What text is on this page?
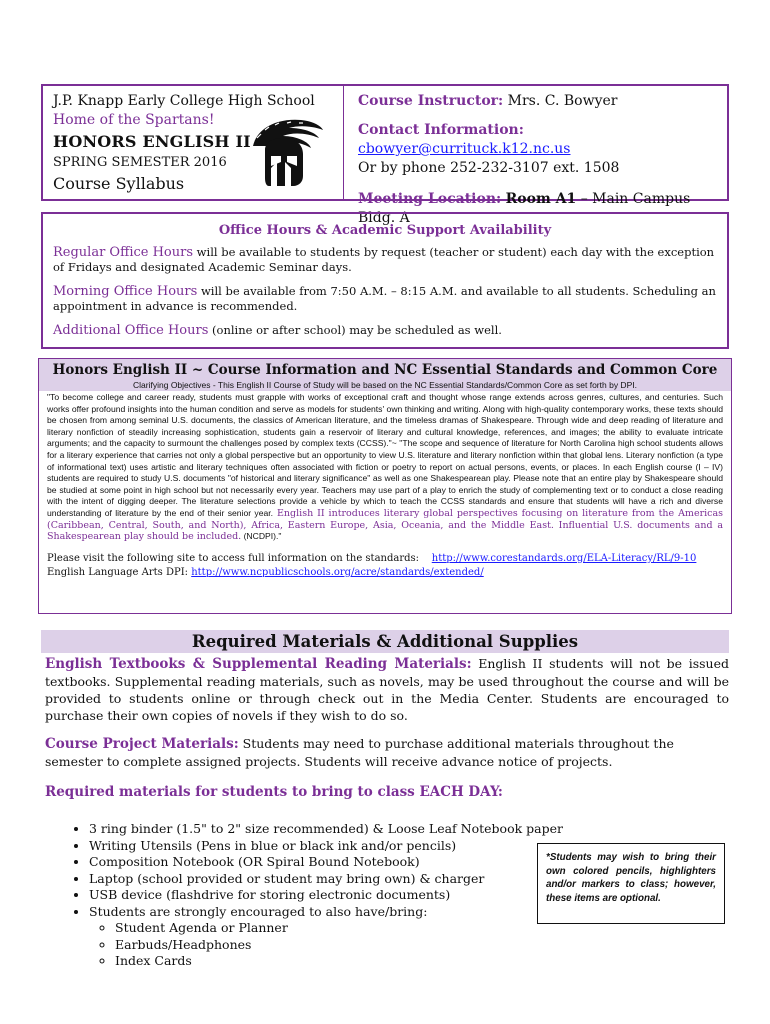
J.P. Knapp Early College High School
Home of the Spartans!
HONORS ENGLISH II
SPRING SEMESTER 2016
Course Syllabus
Course Instructor: Mrs. C. Bowyer
Contact Information: cbowyer@currituck.k12.nc.us
Or by phone 252-232-3107 ext. 1508
Meeting Location: Room A1 – Main Campus Bldg. A
Office Hours & Academic Support Availability

Regular Office Hours will be available to students by request (teacher or student) each day with the exception of Fridays and designated Academic Seminar days.

Morning Office Hours will be available from 7:50 A.M. – 8:15 A.M. and available to all students. Scheduling an appointment in advance is recommended.

Additional Office Hours (online or after school) may be scheduled as well.

Honors English II ~ Course Information and NC Essential Standards and Common Core
Clarifying Objectives - This English II Course of Study will be based on the NC Essential Standards/Common Core as set forth by DPI.
"To become college and career ready, students must grapple with works of exceptional craft and thought whose range extends across genres, cultures, and centuries. Such works offer profound insights into the human condition and serve as models for students' own thinking and writing. Along with high-quality contemporary works, these texts should be chosen from among seminal U.S. documents, the classics of American literature, and the timeless dramas of Shakespeare. Through wide and deep reading of literature and literary nonfiction of steadily increasing sophistication, students gain a reservoir of literary and cultural knowledge, references, and images; the ability to evaluate intricate arguments; and the capacity to surmount the challenges posed by complex texts (CCSS)."~ "The scope and sequence of literature for North Carolina high school students allows for a literary experience that carries not only a global perspective but an opportunity to view U.S. literature and literary nonfiction within that global lens. Literary nonfiction (a type of informational text) uses artistic and literary techniques often associated with fiction or poetry to report on actual persons, events, or places. In each English course (I – IV) students are required to study U.S. documents "of historical and literary significance" as well as one Shakespearean play. Please note that an entire play by Shakespeare should be studied at some point in high school but not necessarily every year. Teachers may use part of a play to enrich the study of complementing text or to conduct a close reading with the intent of digging deeper. The literature selections provide a vehicle by which to teach the CCSS standards and ensure that students will have a rich and diverse understanding of literature by the end of their senior year. English II introduces literary global perspectives focusing on literature from the Americas (Caribbean, Central, South, and North), Africa, Eastern Europe, Asia, Oceania, and the Middle East. Influential U.S. documents and a Shakespearean play should be included. (NCDPI)."
Please visit the following site to access full information on the standards: http://www.corestandards.org/ELA-Literacy/RL/9-10
English Language Arts DPI: http://www.ncpublicschools.org/acre/standards/extended/
Required Materials & Additional Supplies
English Textbooks & Supplemental Reading Materials: English II students will not be issued textbooks. Supplemental reading materials, such as novels, may be used throughout the course and will be provided to students online or through check out in the Media Center. Students are encouraged to purchase their own copies of novels if they wish to do so.
Course Project Materials: Students may need to purchase additional materials throughout the semester to complete assigned projects. Students will receive advance notice of projects.
Required materials for students to bring to class EACH DAY:
• 3 ring binder (1.5" to 2" size recommended) & Loose Leaf Notebook paper
• Writing Utensils (Pens in blue or black ink and/or pencils)
• Composition Notebook (OR Spiral Bound Notebook)
• Laptop (school provided or student may bring own) & charger
• USB device (flashdrive for storing electronic documents)
• Students are strongly encouraged to also have/bring:
◦ Student Agenda or Planner
◦ Earbuds/Headphones
◦ Index Cards
*Students may wish to bring their own colored pencils, highlighters and/or markers to class; however, these items are optional.
